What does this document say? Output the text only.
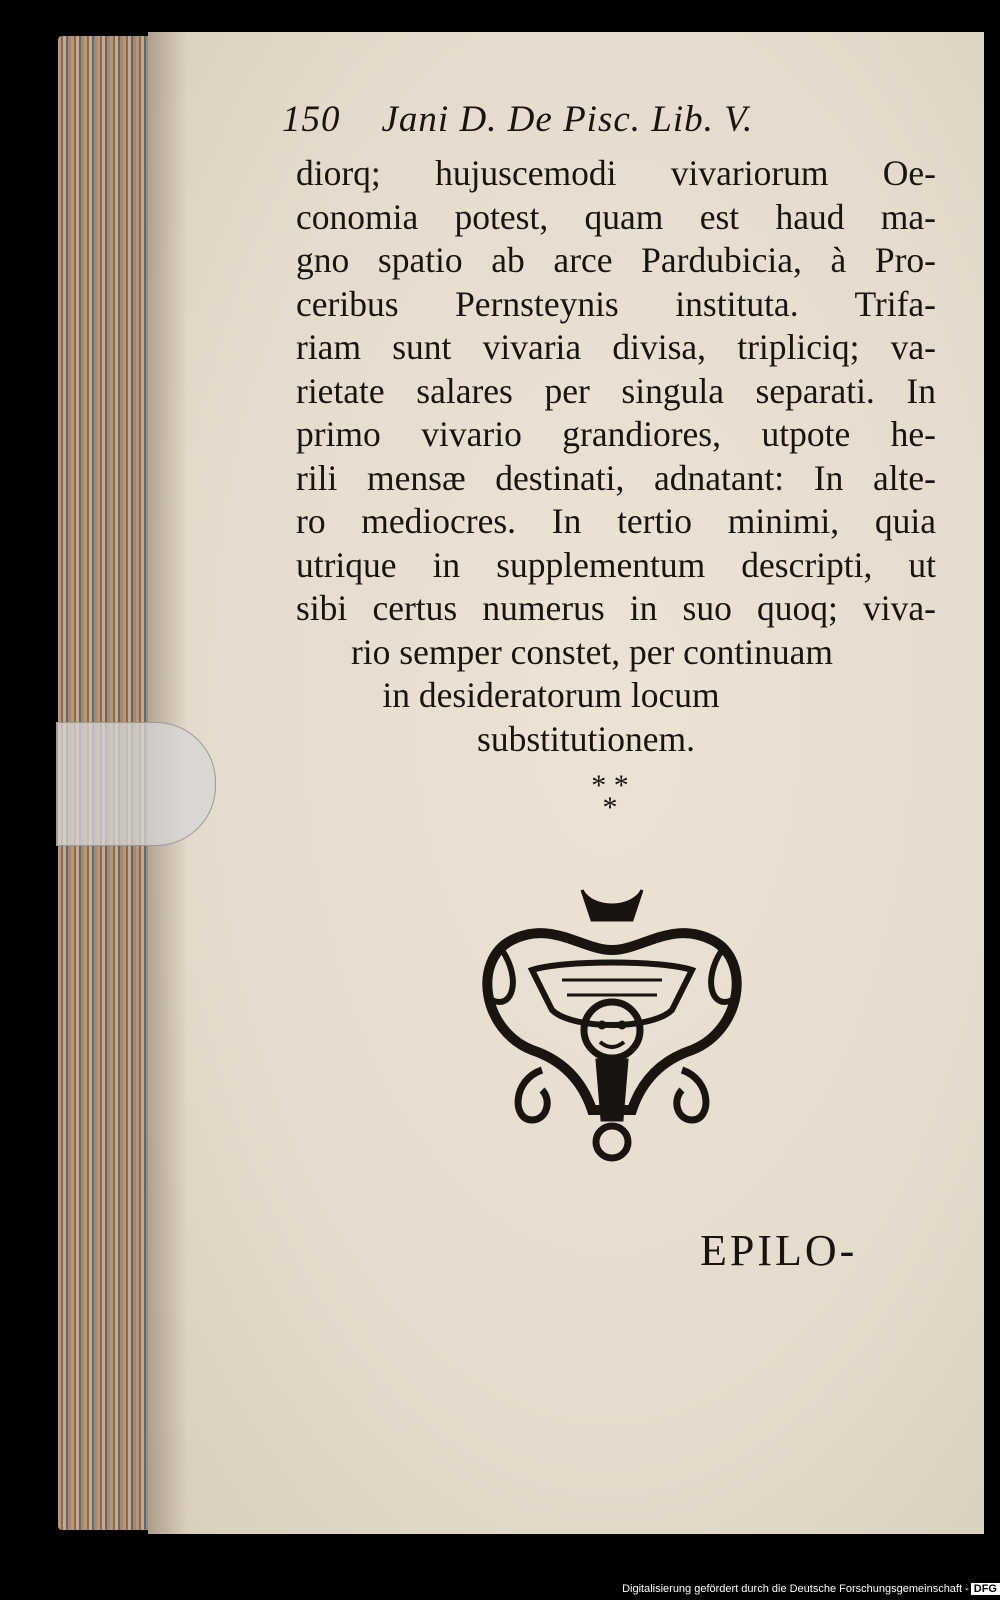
150    Jani D. De Pisc. Lib. V.
diorq; hujuscemodi vivariorum Oe-
conomia potest, quam est haud ma-
gno spatio ab arce Pardubicia, à Pro-
ceribus Pernsteynis instituta. Trifa-
riam sunt vivaria divisa, tripliciq; va-
rietate salares per singula separati. In
primo vivario grandiores, utpote he-
rili mensæ destinati, adnatant: In alte-
ro mediocres. In tertio minimi, quia
utrique in supplementum descripti, ut
sibi certus numerus in suo quoq; viva-
rio semper constet, per continuam
in desideratorum locum
substitutionem.
* *
*
EPILO-
Digitalisierung gefördert durch die Deutsche Forschungsgemeinschaft - DFG
